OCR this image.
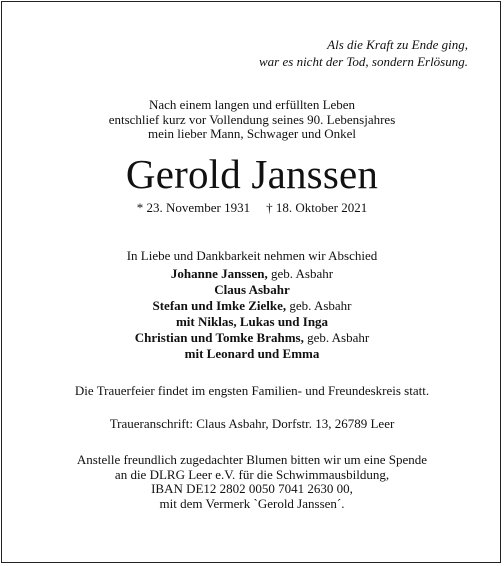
Als die Kraft zu Ende ging,
war es nicht der Tod, sondern Erlösung.
Nach einem langen und erfüllten Leben
entschlief kurz vor Vollendung seines 90. Lebensjahres
mein lieber Mann, Schwager und Onkel
Gerold Janssen
* 23. November 1931 † 18. Oktober 2021
In Liebe und Dankbarkeit nehmen wir Abschied
Johanne Janssen, geb. Asbahr
Claus Asbahr
Stefan und Imke Zielke, geb. Asbahr
mit Niklas, Lukas und Inga
Christian und Tomke Brahms, geb. Asbahr
mit Leonard und Emma
Die Trauerfeier findet im engsten Familien- und Freundeskreis statt.
Traueranschrift: Claus Asbahr, Dorfstr. 13, 26789 Leer
Anstelle freundlich zugedachter Blumen bitten wir um eine Spende
an die DLRG Leer e.V. für die Schwimmausbildung,
IBAN DE12 2802 0050 7041 2630 00,
mit dem Vermerk `Gerold Janssen´.
